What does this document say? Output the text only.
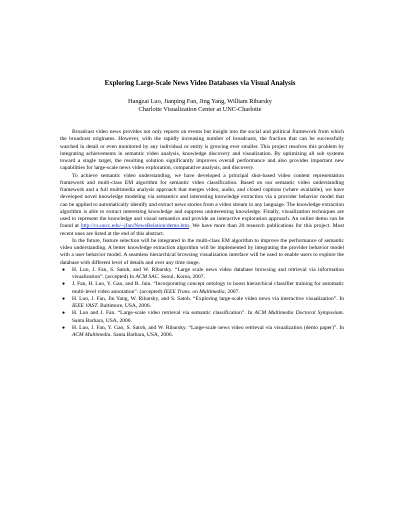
Exploring Large-Scale News Video Databases via Visual Analysis
Hangzai Luo, Jianping Fan, Jing Yang, William Ribarsky
Charlotte Visualization Center at UNC-Charlotte

Broadcast video news provides not only reports on events but insight into the social and political framework from which the broadcast originates. However, with the rapidly increasing number of broadcasts, the fraction that can be successfully watched in detail or even monitored by any individual or entity is growing ever smaller. This project resolves this problem by integrating achievements in semantic video analysis, knowledge discovery and visualization. By optimizing all sub systems toward a single target, the resulting solution significantly improves overall performance and also provides important new capabilities for large-scale news video exploration, comparative analysis, and discovery.

To achieve semantic video understanding, we have developed a principal shot-based video content representation framework and multi-class EM algorithm for semantic video classification. Based on our semantic video understanding framework and a full multimedia analysis approach that merges video, audio, and closed captions (where available), we have developed novel knowledge modeling via semantics and interesting knowledge extraction via a provider behavior model that can be applied to automatically identify and extract news stories from a video stream in any language. The knowledge extraction algorithm is able to extract interesting knowledge and suppress uninteresting knowledge. Finally, visualization techniques are used to represent the knowledge and visual semantics and provide an interactive exploration approach. An online demo can be found at http://cs.uncc.edu/~jfan/NewsRelation/demo.htm. We have more than 20 research publications for this project. Most recent ones are listed at the end of this abstract.

In the future, feature selection will be integrated in the multi-class EM algorithm to improve the performance of semantic video understanding. A better knowledge extraction algorithm will be implemented by integrating the provider behavior model with a user behavior model. A seamless hierarchical browsing visualization interface will be used to enable users to explore the database with different level of details and over any time range.

● H. Luo, J. Fan, S. Satoh, and W. Ribarsky. “Large scale news video database browsing and retrieval via information visualization”. (accepted) In ACM SAC. Seoul, Korea, 2007.
● J. Fan, H. Luo, Y. Gao, and R. Jain. “Incorporating concept ontology to boost hierarchical classifier training for automatic multi-level video annotation”. (accepted) IEEE Trans. on Multimedia, 2007.
● H. Luo, J. Fan, Jin Yang, W. Ribarsky, and S. Satoh. “Exploring large-scale video news via interactive visualization”. In IEEE VAST. Baltimore, USA, 2006.
● H. Luo and J. Fan. “Large-scale video retrieval via semantic classification”. In ACM Multimedia Doctoral Symposium. Santa Barbara, USA, 2006.
● H. Luo, J. Fan, Y. Gao, S. Satoh, and W. Ribarsky. “Large-scale news video retrieval via visualization (demo paper)”. In ACM Multimedia. Santa Barbara, USA, 2006.
